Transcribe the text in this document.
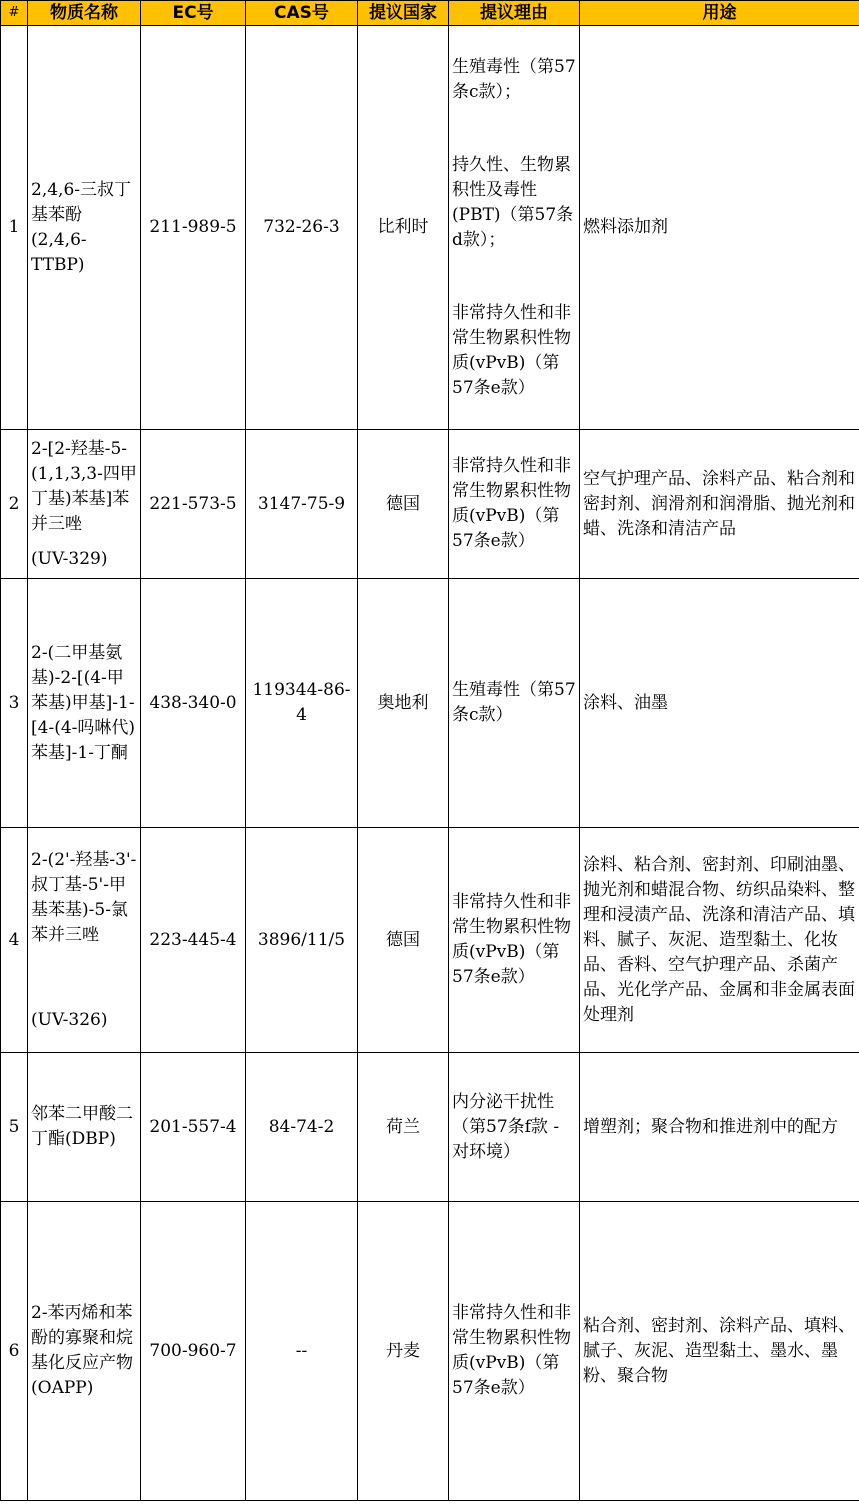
#	物质名称	EC号	CAS号	提议国家	提议理由	用途
1	2,4,6-三叔丁基苯酚(2,4,6-TTBP)	211-989-5	732-26-3	比利时	生殖毒性（第57条c款）；
持久性、生物累积性及毒性(PBT)（第57条d款）；
非常持久性和非常生物累积性物质(vPvB)（第57条e款）	燃料添加剂
2	2-[2-羟基-5-(1,1,3,3-四甲丁基)苯基]苯并三唑
(UV-329)	221-573-5	3147-75-9	德国	非常持久性和非常生物累积性物质(vPvB)（第57条e款）	空气护理产品、涂料产品、粘合剂和密封剂、润滑剂和润滑脂、抛光剂和蜡、洗涤和清洁产品
3	2-(二甲基氨基)-2-[(4-甲苯基)甲基]-1-[4-(4-吗啉代)苯基]-1-丁酮	438-340-0	119344-86-4	奥地利	生殖毒性（第57条c款）	涂料、油墨
4	2-(2'-羟基-3'-叔丁基-5'-甲基苯基)-5-氯苯并三唑
(UV-326)	223-445-4	3896/11/5	德国	非常持久性和非常生物累积性物质(vPvB)（第57条e款）	涂料、粘合剂、密封剂、印刷油墨、抛光剂和蜡混合物、纺织品染料、整理和浸渍产品、洗涤和清洁产品、填料、腻子、灰泥、造型黏土、化妆品、香料、空气护理产品、杀菌产品、光化学产品、金属和非金属表面处理剂
5	邻苯二甲酸二丁酯(DBP)	201-557-4	84-74-2	荷兰	内分泌干扰性（第57条f款 - 对环境）	增塑剂；聚合物和推进剂中的配方
6	2-苯丙烯和苯酚的寡聚和烷基化反应产物(OAPP)	700-960-7	--	丹麦	非常持久性和非常生物累积性物质(vPvB)（第57条e款）	粘合剂、密封剂、涂料产品、填料、腻子、灰泥、造型黏土、墨水、墨粉、聚合物
